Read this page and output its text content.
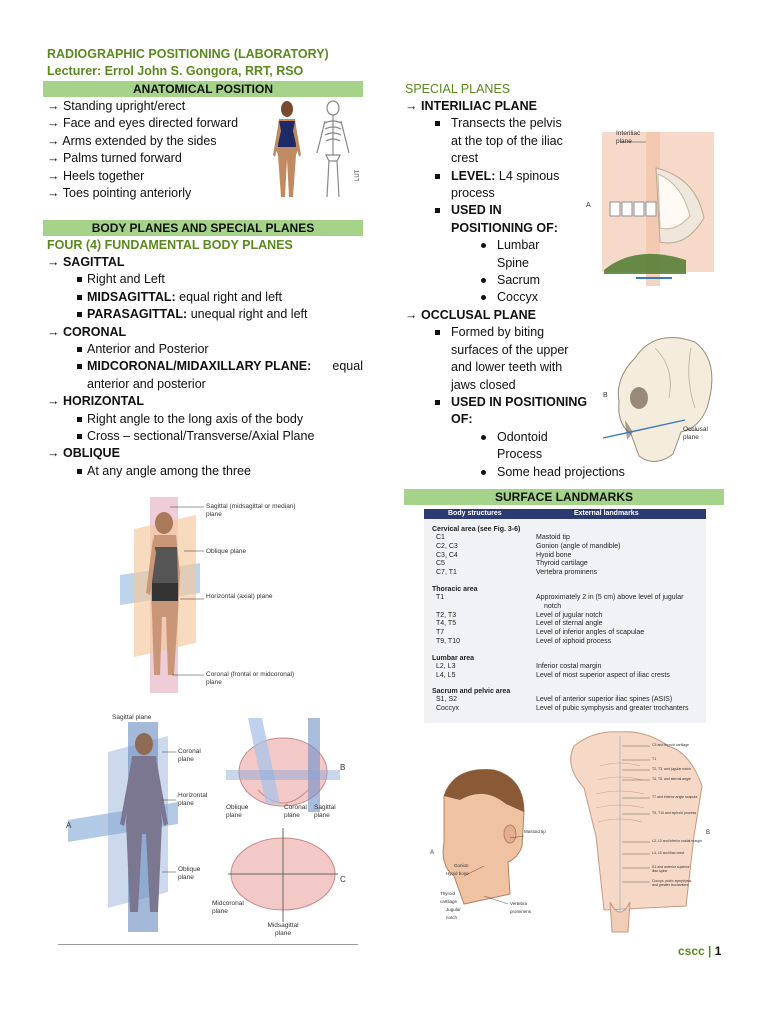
RADIOGRAPHIC POSITIONING (LABORATORY)
Lecturer: Errol John S. Gongora, RRT, RSO
ANATOMICAL POSITION
→ Standing upright/erect
→ Face and eyes directed forward
→ Arms extended by the sides
→ Palms turned forward
→ Heels together
→ Toes pointing anteriorly
LUT
BODY PLANES AND SPECIAL PLANES
FOUR (4) FUNDAMENTAL BODY PLANES
→ SAGITTAL
Right and Left
MIDSAGITTAL: equal right and left
PARASAGITTAL: unequal right and left
→ CORONAL
Anterior and Posterior
MIDCORONAL/MIDAXILLARY PLANE: equal
anterior and posterior
→ HORIZONTAL
Right angle to the long axis of the body
Cross – sectional/Transverse/Axial Plane
→ OBLIQUE
At any angle among the three
Sagittal (midsagittal or median) plane
Oblique plane
Horizontal (axial) plane
Coronal (frontal or midcoronal) plane
Sagittal plane
Coronal plane
Horizontal plane
Oblique plane
A
B
C
Oblique plane
Coronal plane
Sagittal plane
Midcoronal plane
Midsagittal plane
SPECIAL PLANES
→ INTERILIAC PLANE
Transects the pelvis
at the top of the iliac
crest
LEVEL: L4 spinous
process
USED IN
POSITIONING OF:
Lumbar
Spine
Sacrum
Coccyx
→ OCCLUSAL PLANE
Formed by biting
surfaces of the upper
and lower teeth with
jaws closed
USED IN POSITIONING
OF:
Odontoid
Process
Some head projections
Interiliac plane
A
Occlusal plane
B
SURFACE LANDMARKS
Body structures	External landmarks
Cervical area (see Fig. 3-6)
C1	Mastoid tip

C2, C3	Gonion (angle of mandible)

C3, C4	Hyoid bone

C5	Thyroid cartilage

C7, T1	Vertebra prominens

Thoracic area
T1	Approximately 2 in (5 cm) above level of jugular

notch

T2, T3	Level of jugular notch

T4, T5	Level of sternal angle

T7	Level of inferior angles of scapulae

T9, T10	Level of xiphoid process

Lumbar area
L2, L3	Inferior costal margin

L4, L5	Level of most superior aspect of iliac crests

Sacrum and pelvic area
S1, S2	Level of anterior superior iliac spines (ASIS)

Coccyx	Level of pubic symphysis and greater trochanters

Mastoid tip
Gonion
Hyoid bone
Thyroid cartilage
Jugular notch
Vertebra prominens
A
B
C3 and thyroid cartilage
T1
T2, T3, and jugular notch
T4, T5, and sternal angle
T7 and inferior angle scapula
T9, T10 and xiphoid process
L2, L3 and inferior costal margin
L4, L5 and iliac crest
S1 and anterior superior iliac spine
Coccyx, pubic symphysis, and greater trochanters
cscc | 1
